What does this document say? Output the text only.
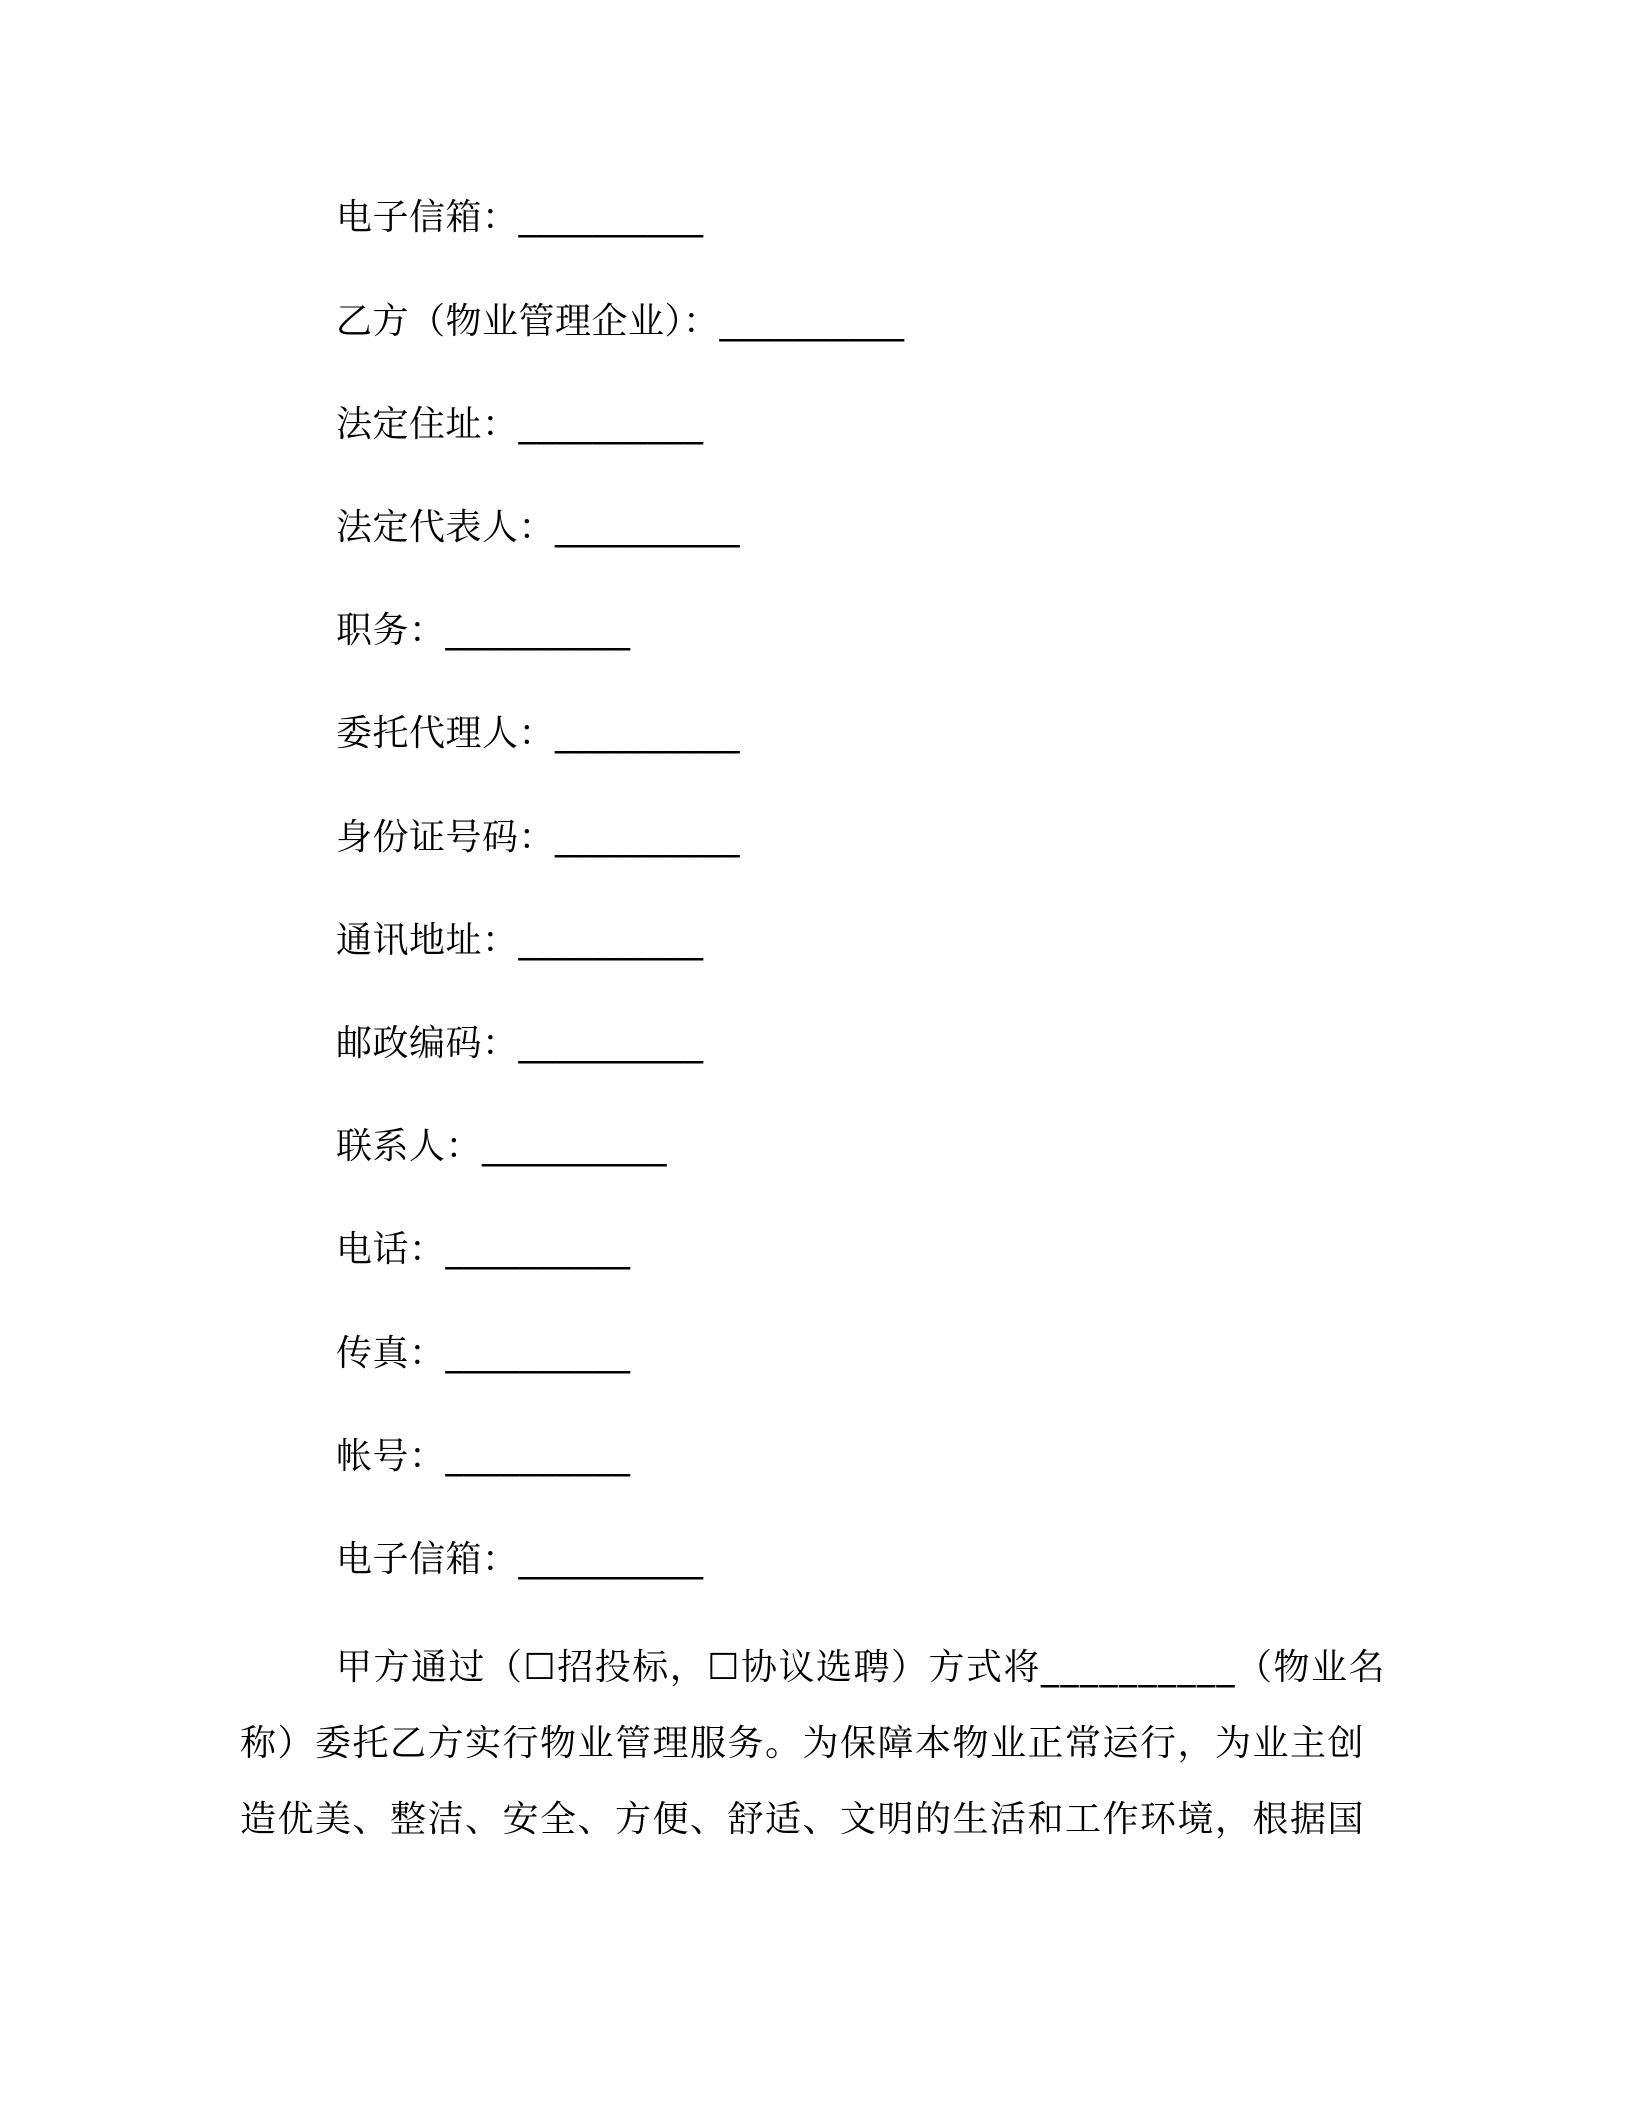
电子信箱：__________
乙方（物业管理企业）：__________
法定住址：__________
法定代表人：__________
职务：__________
委托代理人：__________
身份证号码：__________
通讯地址：__________
邮政编码：__________
联系人：__________
电话：__________
传真：__________
帐号：__________
电子信箱：__________
甲方通过（☐招投标，☐协议选聘）方式将__________（物业名
称）委托乙方实行物业管理服务。为保障本物业正常运行，为业主创
造优美、整洁、安全、方便、舒适、文明的生活和工作环境，根据国
